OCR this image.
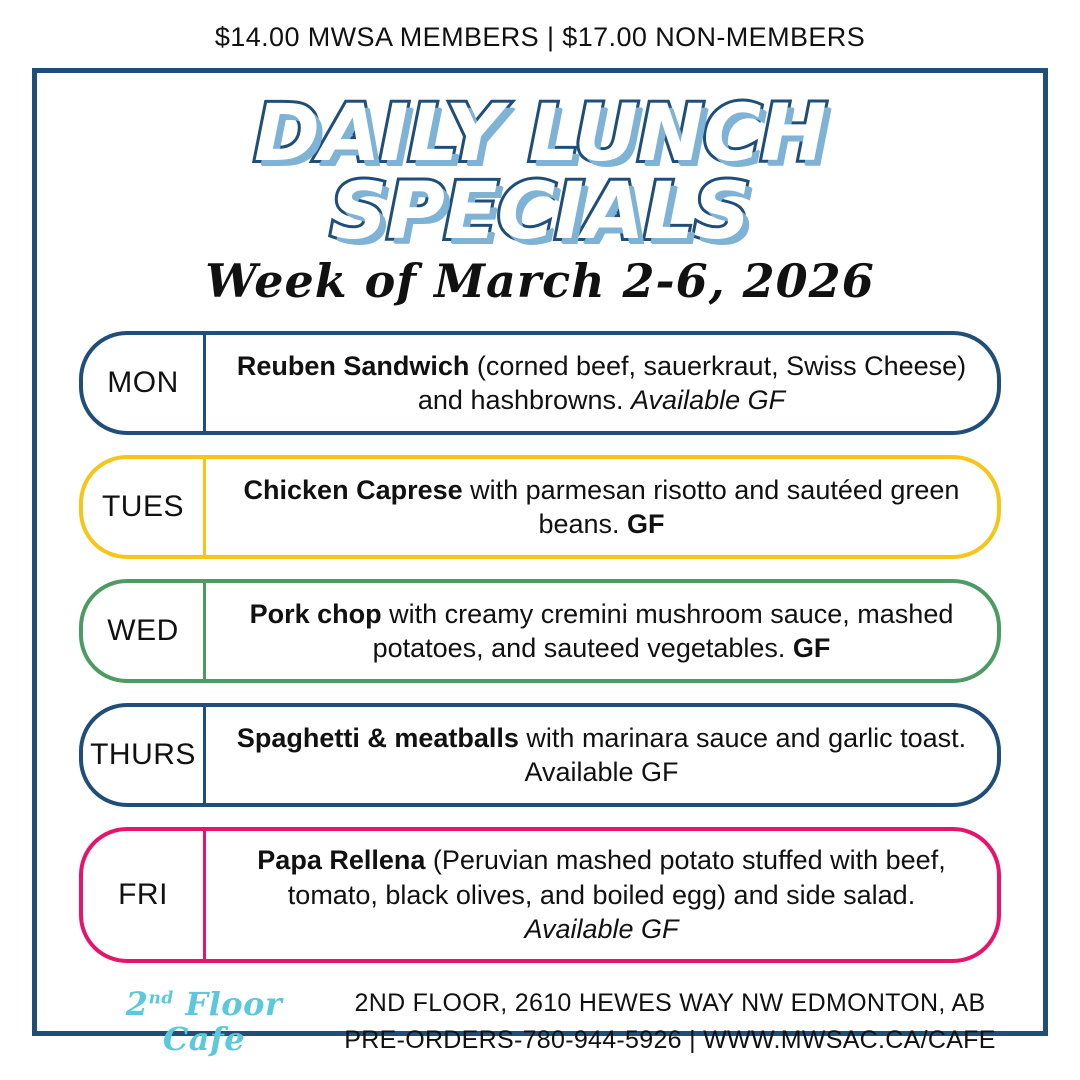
$14.00 MWSA MEMBERS | $17.00 NON-MEMBERS
DAILY LUNCH SPECIALS
Week of March 2-6, 2026
MON
Reuben Sandwich (corned beef, sauerkraut, Swiss Cheese) and hashbrowns. Available GF
TUES
Chicken Caprese with parmesan risotto and sautéed green beans. GF
WED
Pork chop with creamy cremini mushroom sauce, mashed potatoes, and sauteed vegetables. GF
THURS
Spaghetti & meatballs with marinara sauce and garlic toast. Available GF
FRI
Papa Rellena (Peruvian mashed potato stuffed with beef, tomato, black olives, and boiled egg) and side salad. Available GF
2nd Floor Cafe
2ND FLOOR, 2610 HEWES WAY NW EDMONTON, AB
PRE-ORDERS-780-944-5926 | WWW.MWSAC.CA/CAFE
